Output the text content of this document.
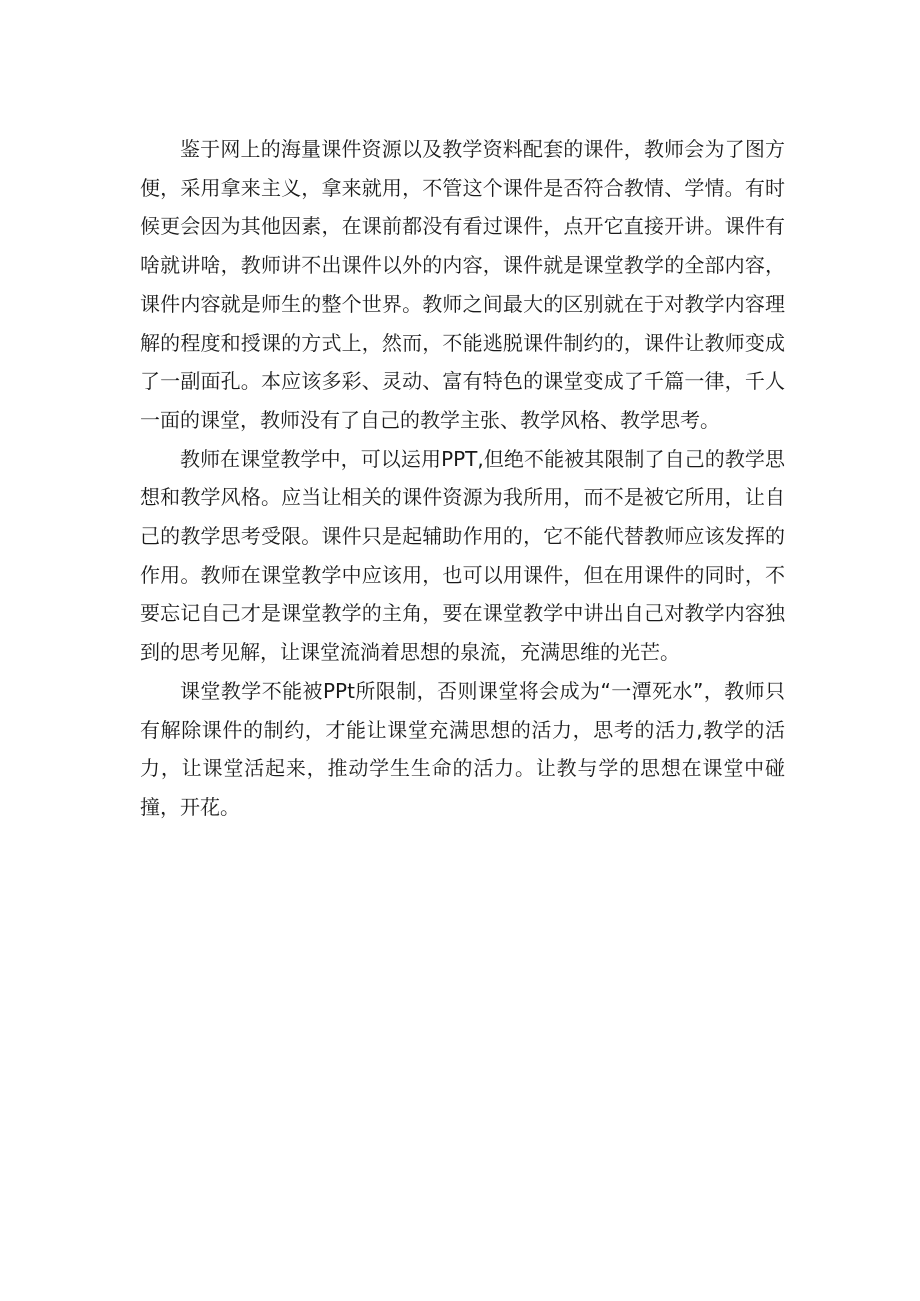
鉴于网上的海量课件资源以及教学资料配套的课件，教师会为了图方便，采用拿来主义，拿来就用，不管这个课件是否符合教情、学情。有时候更会因为其他因素，在课前都没有看过课件，点开它直接开讲。课件有啥就讲啥，教师讲不出课件以外的内容，课件就是课堂教学的全部内容，课件内容就是师生的整个世界。教师之间最大的区别就在于对教学内容理解的程度和授课的方式上，然而，不能逃脱课件制约的，课件让教师变成了一副面孔。本应该多彩、灵动、富有特色的课堂变成了千篇一律，千人一面的课堂，教师没有了自己的教学主张、教学风格、教学思考。

教师在课堂教学中，可以运用PPT,但绝不能被其限制了自己的教学思想和教学风格。应当让相关的课件资源为我所用，而不是被它所用，让自己的教学思考受限。课件只是起辅助作用的，它不能代替教师应该发挥的作用。教师在课堂教学中应该用，也可以用课件，但在用课件的同时，不要忘记自己才是课堂教学的主角，要在课堂教学中讲出自己对教学内容独到的思考见解，让课堂流淌着思想的泉流，充满思维的光芒。

课堂教学不能被PPt所限制，否则课堂将会成为“一潭死水”，教师只有解除课件的制约，才能让课堂充满思想的活力，思考的活力,教学的活力，让课堂活起来，推动学生生命的活力。让教与学的思想在课堂中碰撞，开花。
